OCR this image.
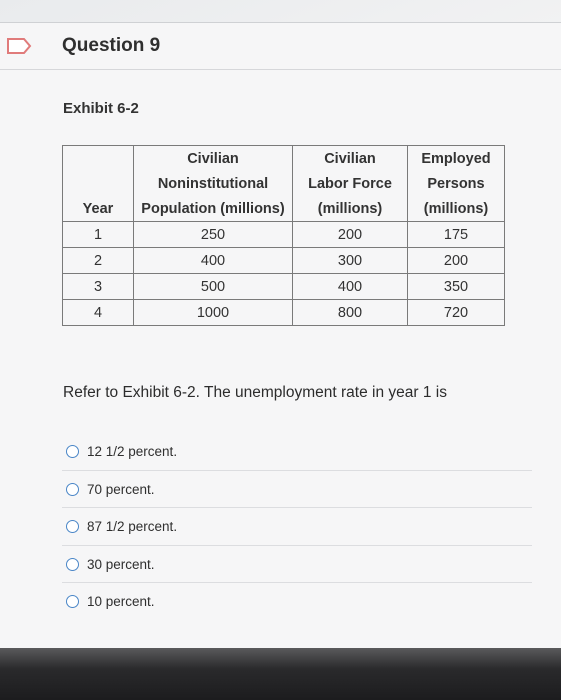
Question 9
Exhibit 6-2
	Civilian	Civilian	Employed
	Noninstitutional	Labor Force	Persons
Year	Population (millions)	(millions)	(millions)
1	250	200	175
2	400	300	200
3	500	400	350
4	1000	800	720
Refer to Exhibit 6-2. The unemployment rate in year 1 is
12 1/2 percent.
70 percent.
87 1/2 percent.
30 percent.
10 percent.
